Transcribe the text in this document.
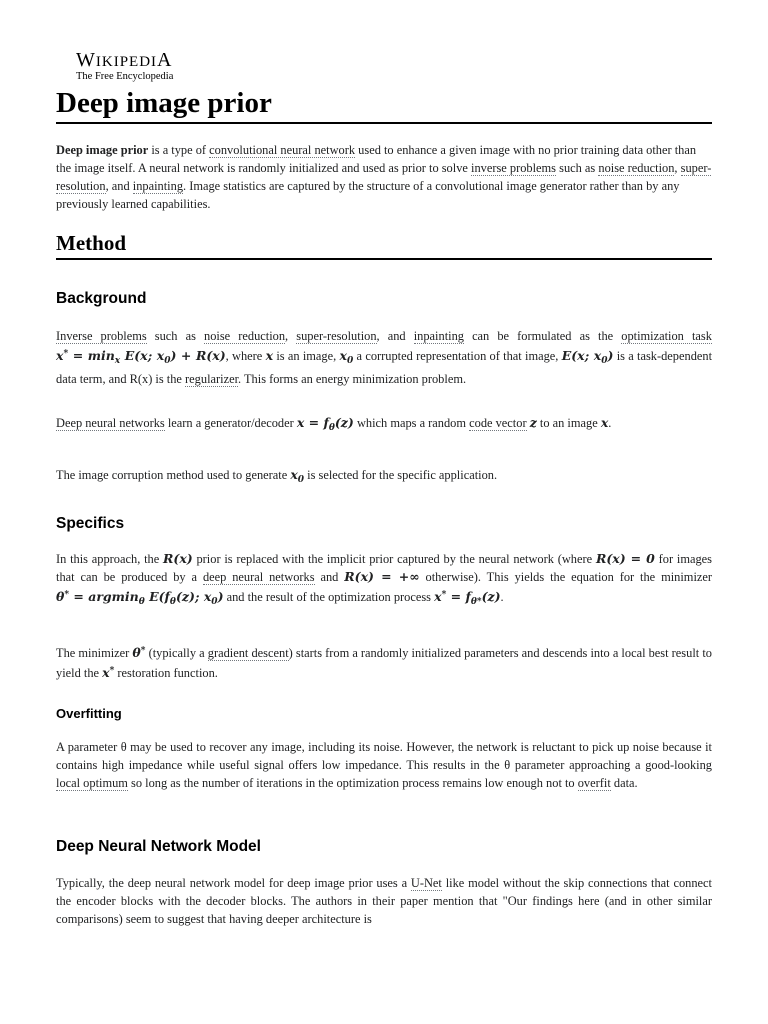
WIKIPEDIA
The Free Encyclopedia
Deep image prior

Deep image prior is a type of convolutional neural network used to enhance a given image with no prior training data other than the image itself. A neural network is randomly initialized and used as prior to solve inverse problems such as noise reduction, super-resolution, and inpainting. Image statistics are captured by the structure of a convolutional image generator rather than by any previously learned capabilities.

Method
Background

Inverse problems such as noise reduction, super-resolution, and inpainting can be formulated as the optimization task $x^* = \min_x E(x$; $x_0) + R(x)$, where x is an image, $x_0$ a corrupted representation of that image, E(x; $x_0$) is a task-dependent data term, and R(x) is the regularizer. This forms an energy minimization problem.

Deep neural networks learn a generator/decoder $x = f_\theta(z)$ which maps a random code vector z to an image x.

The image corruption method used to generate $x_0$ is selected for the specific application.

Specifics

In this approach, the R(x) prior is replaced with the implicit prior captured by the neural network (where R(x) = 0 for images that can be produced by a deep neural networks and R(x) = +∞ otherwise). This yields the equation for the minimizer θ* = argmin$_\theta$ $E(f_\theta(z)$; $x_0$) and the result of the optimization process $x^* = f_{\theta*}(z)$.

The minimizer θ* (typically a gradient descent) starts from a randomly initialized parameters and descends into a local best result to yield the x* restoration function.

Overfitting

A parameter θ may be used to recover any image, including its noise. However, the network is reluctant to pick up noise because it contains high impedance while useful signal offers low impedance. This results in the θ parameter approaching a good-looking local optimum so long as the number of iterations in the optimization process remains low enough not to overfit data.

Deep Neural Network Model

Typically, the deep neural network model for deep image prior uses a U-Net like model without the skip connections that connect the encoder blocks with the decoder blocks. The authors in their paper mention that "Our findings here (and in other similar comparisons) seem to suggest that having deeper architecture is
